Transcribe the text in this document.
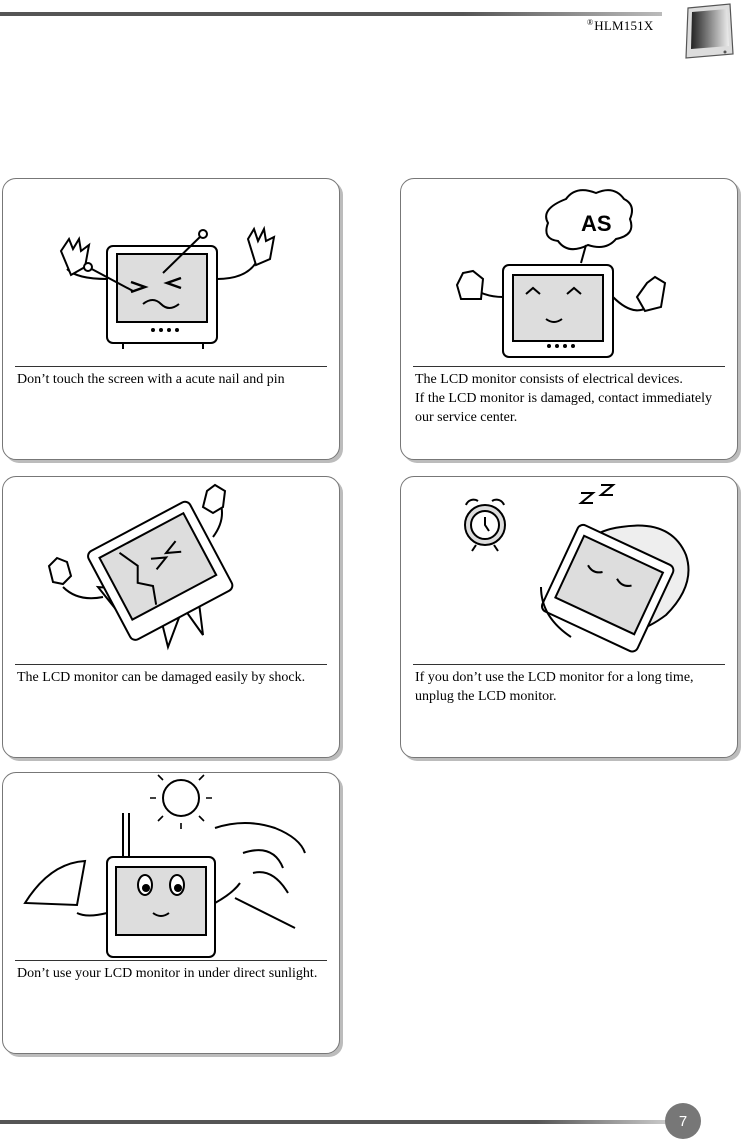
®HLM151X
Don’t touch the screen with a acute nail and pin
AS
The LCD monitor consists of electrical devices.
If the LCD monitor is damaged, contact immediately
our service center.
The LCD monitor can be damaged easily by shock.	If you don’t use the LCD monitor for a long time,
unplug the LCD monitor.
Don’t use your LCD monitor in under direct sunlight.
7
